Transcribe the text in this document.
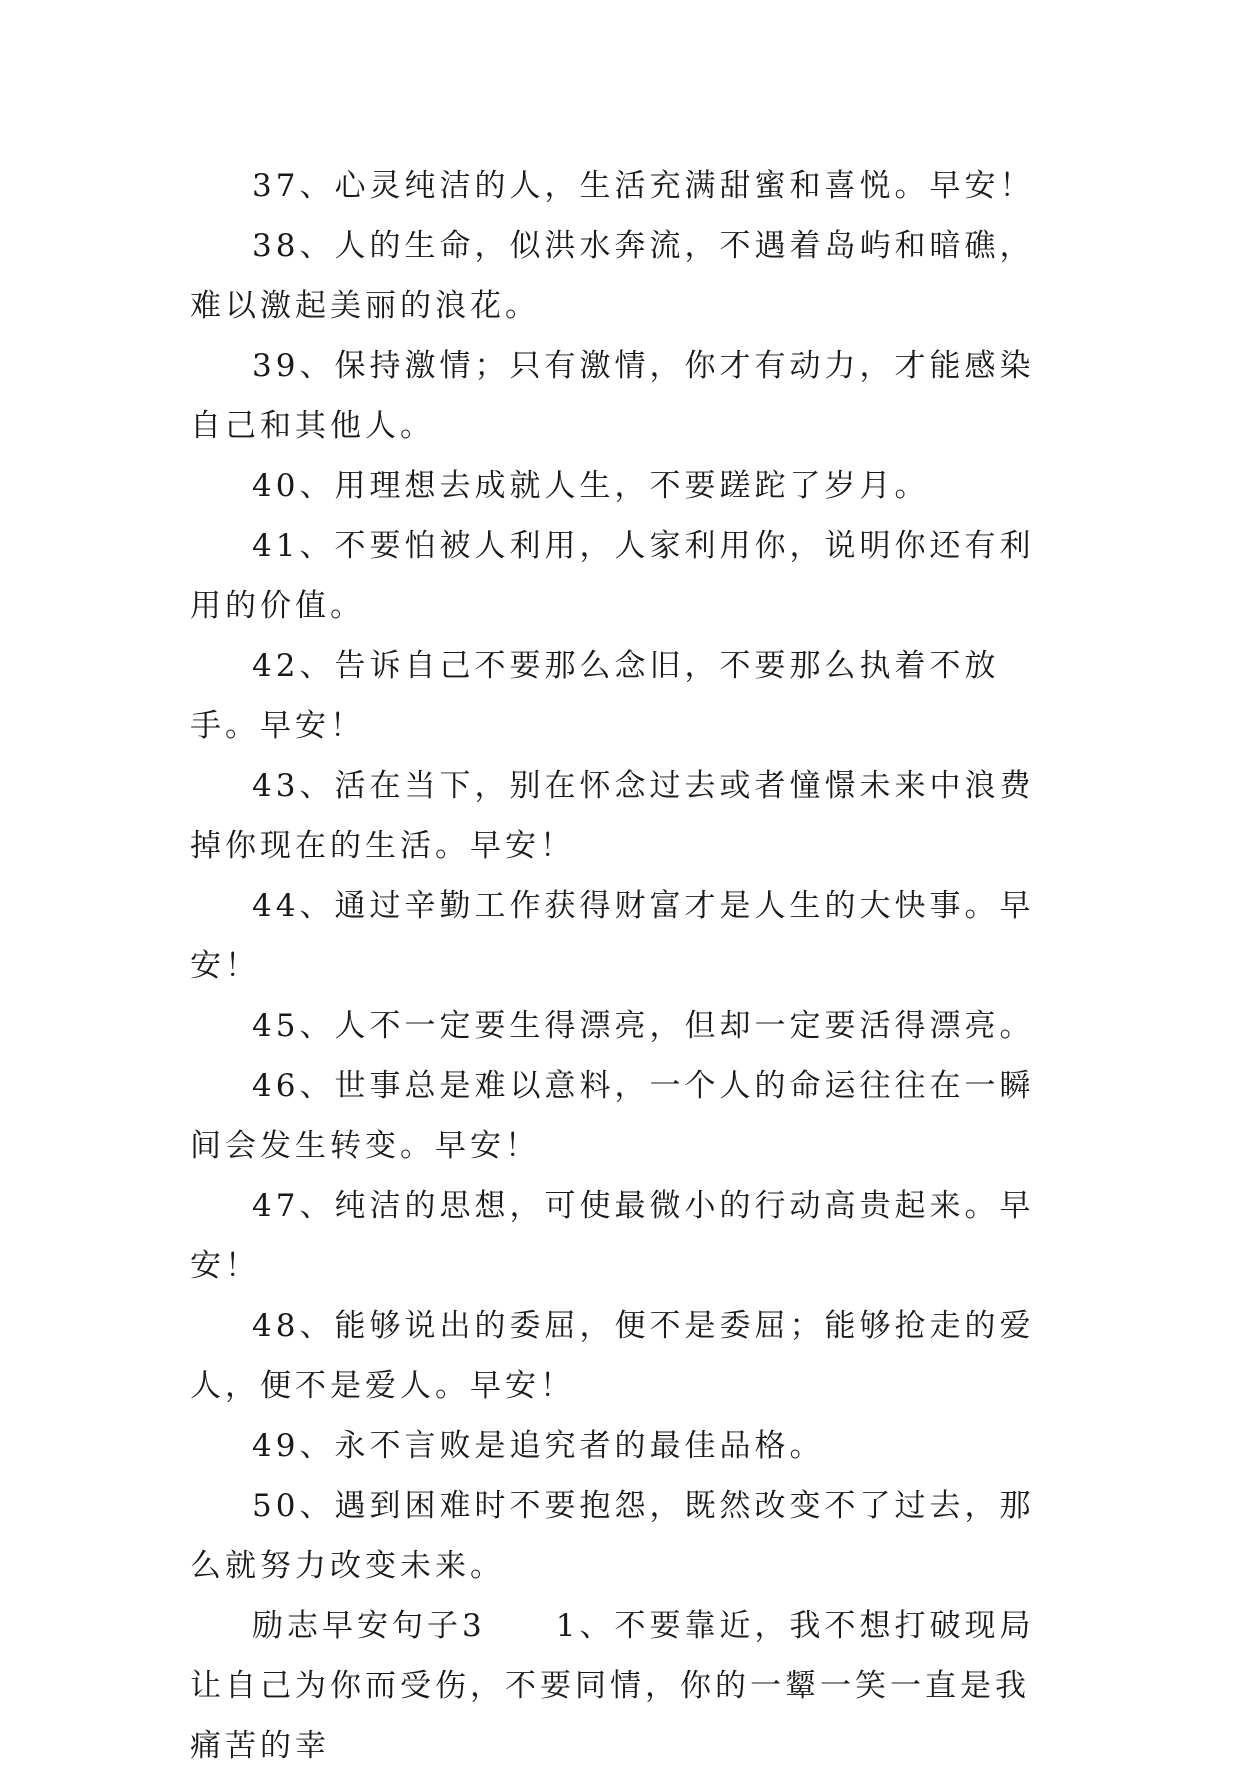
37、心灵纯洁的人，生活充满甜蜜和喜悦。早安！

38、人的生命，似洪水奔流，不遇着岛屿和暗礁，难以激起美丽的浪花。

39、保持激情；只有激情，你才有动力，才能感染自己和其他人。

40、用理想去成就人生，不要蹉跎了岁月。

41、不要怕被人利用，人家利用你，说明你还有利用的价值。

42、告诉自己不要那么念旧，不要那么执着不放手。早安！

43、活在当下，别在怀念过去或者憧憬未来中浪费掉你现在的生活。早安！

44、通过辛勤工作获得财富才是人生的大快事。早安！

45、人不一定要生得漂亮，但却一定要活得漂亮。

46、世事总是难以意料，一个人的命运往往在一瞬间会发生转变。早安！

47、纯洁的思想，可使最微小的行动高贵起来。早安！

48、能够说出的委屈，便不是委屈；能够抢走的爱人，便不是爱人。早安！

49、永不言败是追究者的最佳品格。

50、遇到困难时不要抱怨，既然改变不了过去，那么就努力改变未来。

励志早安句子3　　1、不要靠近，我不想打破现局让自己为你而受伤，不要同情，你的一颦一笑一直是我痛苦的幸
